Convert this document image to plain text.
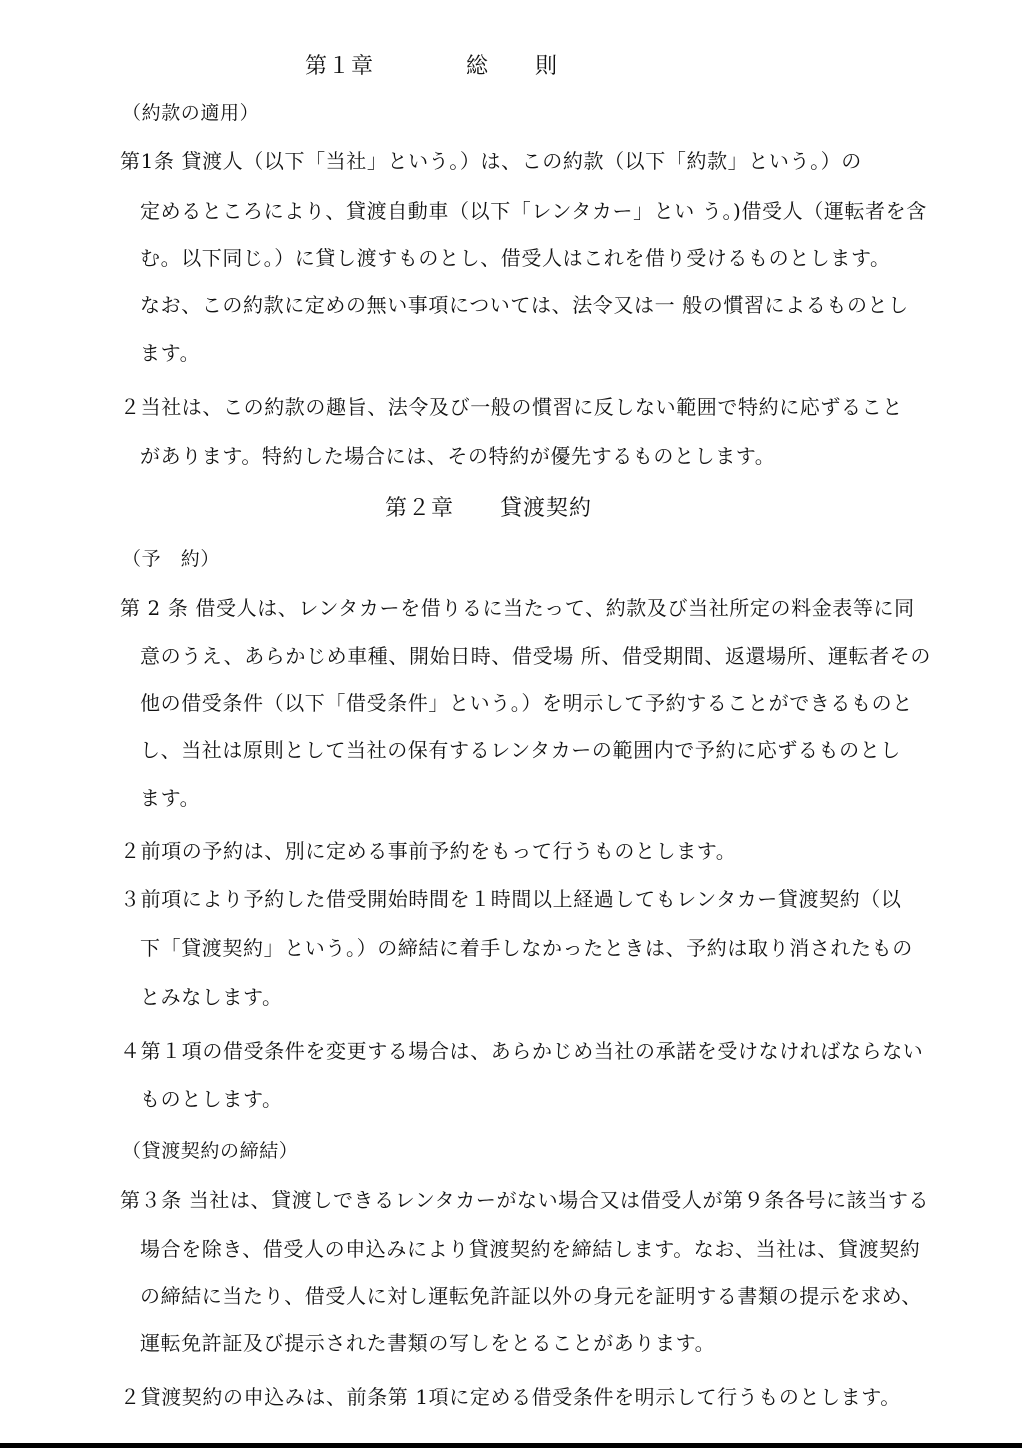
第１章　　　　総　　則
（約款の適用）
第1条 貸渡人（以下「当社」という。）は、この約款（以下「約款」という。）の
定めるところにより、貸渡自動車（以下「レンタカー」とい う。)借受人（運転者を含
む。以下同じ。）に貸し渡すものとし、借受人はこれを借り受けるものとします。
なお、この約款に定めの無い事項については、法令又は一 般の慣習によるものとし
ます。
２当社は、この約款の趣旨、法令及び一般の慣習に反しない範囲で特約に応ずること
があります。特約した場合には、その特約が優先するものとします。
第２章　　貸渡契約
（予　約）
第 2 条 借受人は、レンタカーを借りるに当たって、約款及び当社所定の料金表等に同
意のうえ、あらかじめ車種、開始日時、借受場 所、借受期間、返還場所、運転者その
他の借受条件（以下「借受条件」という。）を明示して予約することができるものと
し、当社は原則として当社の保有するレンタカーの範囲内で予約に応ずるものとし
ます。
２前項の予約は、別に定める事前予約をもって行うものとします。
３前項により予約した借受開始時間を１時間以上経過してもレンタカー貸渡契約（以
下「貸渡契約」という。）の締結に着手しなかったときは、予約は取り消されたもの
とみなします。
４第１項の借受条件を変更する場合は、あらかじめ当社の承諾を受けなければならない
ものとします。
（貸渡契約の締結）
第３条 当社は、貸渡しできるレンタカーがない場合又は借受人が第９条各号に該当する
場合を除き、借受人の申込みにより貸渡契約を締結します。なお、当社は、貸渡契約
の締結に当たり、借受人に対し運転免許証以外の身元を証明する書類の提示を求め、
運転免許証及び提示された書類の写しをとることがあります。
２貸渡契約の申込みは、前条第 1項に定める借受条件を明示して行うものとします。
